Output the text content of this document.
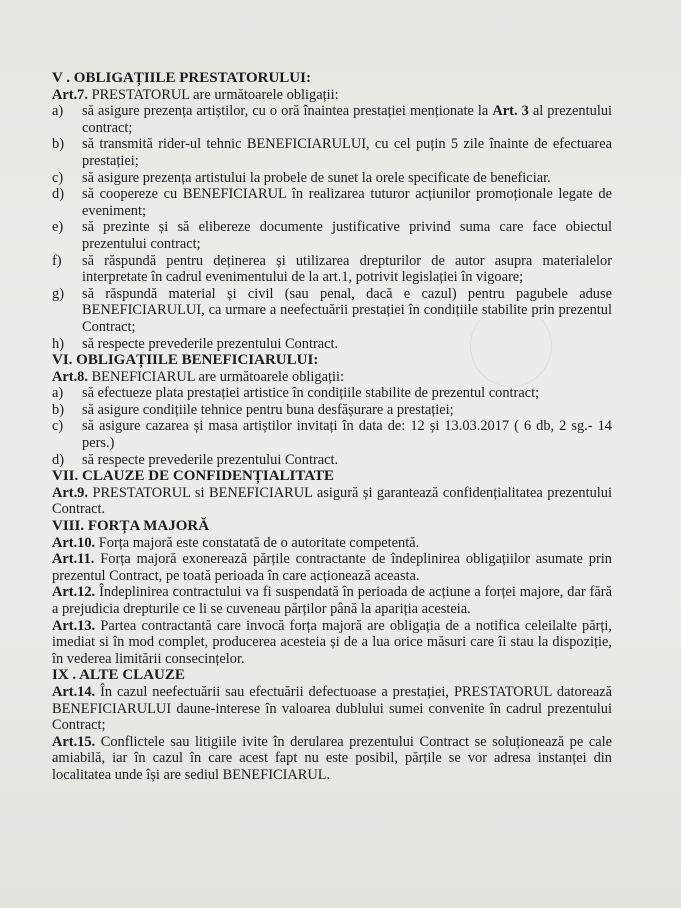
V . OBLIGAȚIILE PRESTATORULUI:
Art.7. PRESTATORUL are următoarele obligații:
a) să asigure prezența artiștilor, cu o oră înaintea prestației menționate la Art. 3 al prezentului contract;
b) să transmită rider-ul tehnic BENEFICIARULUI, cu cel puțin 5 zile înainte de efectuarea prestației;
c) să asigure prezența artistului la probele de sunet la orele specificate de beneficiar.
d) să coopereze cu BENEFICIARUL în realizarea tuturor acțiunilor promoționale legate de eveniment;
e) să prezinte și să elibereze documente justificative privind suma care face obiectul prezentului contract;
f) să răspundă pentru deținerea și utilizarea drepturilor de autor asupra materialelor interpretate în cadrul evenimentului de la art.1, potrivit legislației în vigoare;
g) să răspundă material și civil (sau penal, dacă e cazul) pentru pagubele aduse BENEFICIARULUI, ca urmare a neefectuării prestației în condițiile stabilite prin prezentul Contract;
h) să respecte prevederile prezentului Contract.
VI. OBLIGAȚIILE BENEFICIARULUI:
Art.8. BENEFICIARUL are următoarele obligații:
a) să efectueze plata prestației artistice în condițiile stabilite de prezentul contract;
b) să asigure condițiile tehnice pentru buna desfășurare a prestației;
c) să asigure cazarea și masa artiștilor invitați în data de: 12 și 13.03.2017 ( 6 db, 2 sg.- 14 pers.)
d) să respecte prevederile prezentului Contract.
VII. CLAUZE DE CONFIDENȚIALITATE
Art.9. PRESTATORUL si BENEFICIARUL asigură și garantează confidențialitatea prezentului Contract.
VIII. FORȚA MAJORĂ
Art.10. Forța majoră este constatată de o autoritate competentă.
Art.11. Forța majoră exonerează părțile contractante de îndeplinirea obligațiilor asumate prin prezentul Contract, pe toată perioada în care acționează aceasta.
Art.12. Îndeplinirea contractului va fi suspendată în perioada de acțiune a forței majore, dar fără a prejudicia drepturile ce li se cuveneau părților până la apariția acesteia.
Art.13. Partea contractantă care invocă forța majoră are obligația de a notifica celeilalte părți, imediat si în mod complet, producerea acesteia și de a lua orice măsuri care îi stau la dispoziție, în vederea limitării consecințelor.
IX . ALTE CLAUZE
Art.14. În cazul neefectuării sau efectuării defectuoase a prestației, PRESTATORUL datorează BENEFICIARULUI daune-interese în valoarea dublului sumei convenite în cadrul prezentului Contract;
Art.15. Conflictele sau litigiile ivite în derularea prezentului Contract se soluționează pe cale amiabilă, iar în cazul în care acest fapt nu este posibil, părțile se vor adresa instanței din localitatea unde își are sediul BENEFICIARUL.
